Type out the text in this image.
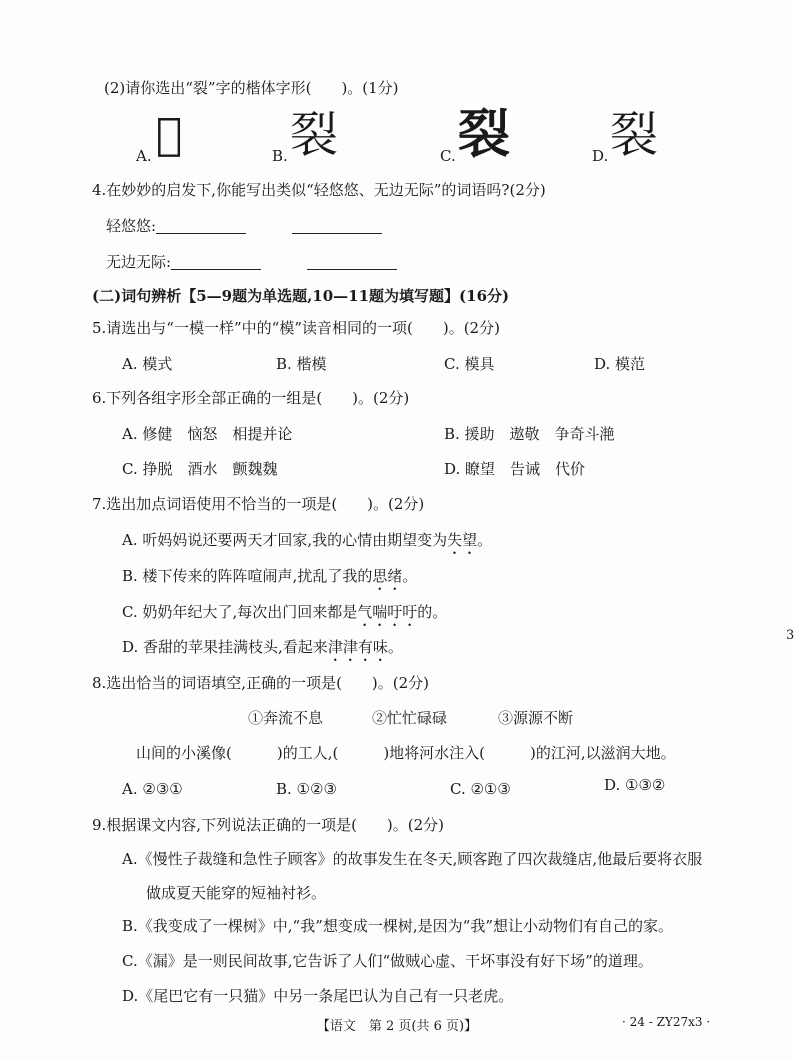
(2)请你选出“裂”字的楷体字形(　　)。(1分)
A. 𥝙	B. 裂	C. 裂	D. 裂
4.在妙妙的启发下,你能写出类似“轻悠悠、无边无际”的词语吗?(2分)
轻悠悠:
无边无际:
(二)词句辨析【5—9题为单选题,10—11题为填写题】(16分)
5.请选出与“一模一样”中的“模”读音相同的一项(　　)。(2分)
A. 模式	B. 楷模	C. 模具	D. 模范
6.下列各组字形全部正确的一组是(　　)。(2分)
A. 修健　恼怒　相提并论	B. 援助　遨敬　争奇斗滟
C. 挣脱　酒水　颤魏魏	D. 瞭望　告诫　代价
7.选出加点词语使用不恰当的一项是(　　)。(2分)
A. 听妈妈说还要两天才回家,我的心情由期望变为失望。
B. 楼下传来的阵阵喧闹声,扰乱了我的思绪。
C. 奶奶年纪大了,每次出门回来都是气喘吁吁的。
D. 香甜的苹果挂满枝头,看起来津津有味。
8.选出恰当的词语填空,正确的一项是(　　)。(2分)
①奔流不息	②忙忙碌碌	③源源不断
山间的小溪像(　　　)的工人,(　　　)地将河水注入(　　　)的江河,以滋润大地。
A. ②③①	B. ①②③	C. ②①③	D. ①③②
9.根据课文内容,下列说法正确的一项是(　　)。(2分)
A.《慢性子裁缝和急性子顾客》的故事发生在冬天,顾客跑了四次裁缝店,他最后要将衣服
做成夏天能穿的短袖衬衫。
B.《我变成了一棵树》中,“我”想变成一棵树,是因为“我”想让小动物们有自己的家。
C.《漏》是一则民间故事,它告诉了人们“做贼心虚、干坏事没有好下场”的道理。
D.《尾巴它有一只猫》中另一条尾巴认为自己有一只老虎。
【语文　第 2 页(共 6 页)】	· 24 - ZY27x3 ·
3
